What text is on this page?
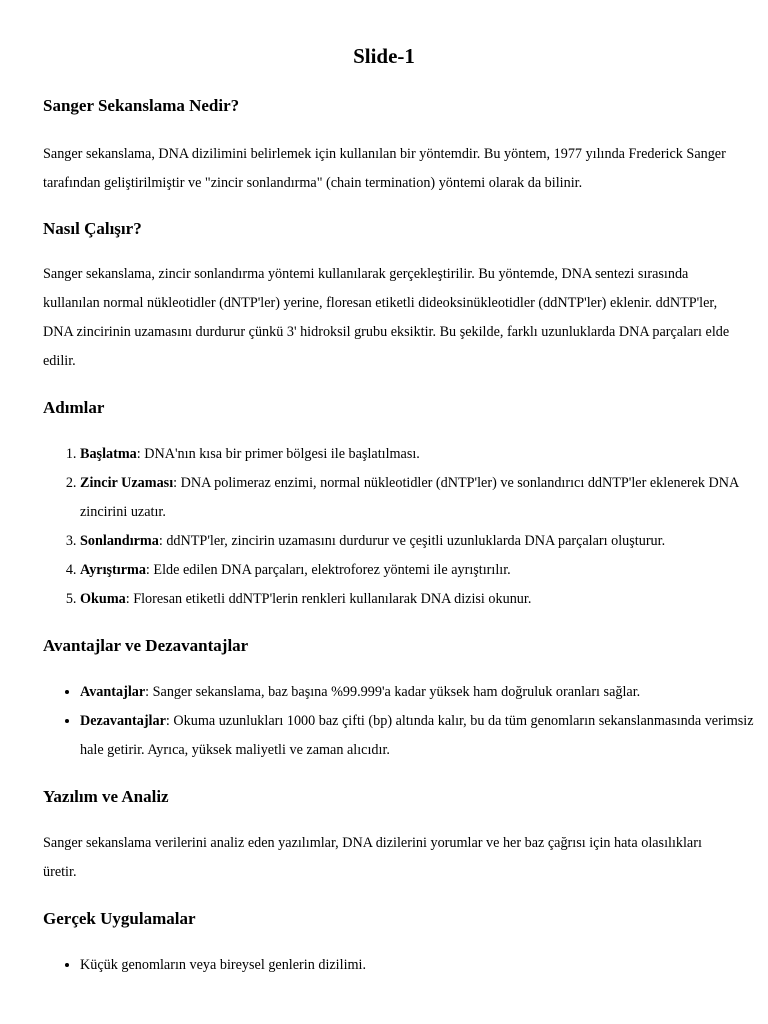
Slide-1
Sanger Sekanslama Nedir?

Sanger sekanslama, DNA dizilimini belirlemek için kullanılan bir yöntemdir. Bu yöntem, 1977 yılında Frederick Sanger tarafından geliştirilmiştir ve "zincir sonlandırma" (chain termination) yöntemi olarak da bilinir.

Nasıl Çalışır?

Sanger sekanslama, zincir sonlandırma yöntemi kullanılarak gerçekleştirilir. Bu yöntemde, DNA sentezi sırasında kullanılan normal nükleotidler (dNTP'ler) yerine, floresan etiketli dideoksinükleotidler (ddNTP'ler) eklenir. ddNTP'ler, DNA zincirinin uzamasını durdurur çünkü 3' hidroksil grubu eksiktir. Bu şekilde, farklı uzunluklarda DNA parçaları elde edilir.

Adımlar
1. Başlatma: DNA'nın kısa bir primer bölgesi ile başlatılması.
2. Zincir Uzaması: DNA polimeraz enzimi, normal nükleotidler (dNTP'ler) ve sonlandırıcı ddNTP'ler eklenerek DNA zincirini uzatır.
3. Sonlandırma: ddNTP'ler, zincirin uzamasını durdurur ve çeşitli uzunluklarda DNA parçaları oluşturur.
4. Ayrıştırma: Elde edilen DNA parçaları, elektroforez yöntemi ile ayrıştırılır.
5. Okuma: Floresan etiketli ddNTP'lerin renkleri kullanılarak DNA dizisi okunur.
Avantajlar ve Dezavantajlar
• Avantajlar: Sanger sekanslama, baz başına %99.999'a kadar yüksek ham doğruluk oranları sağlar.
• Dezavantajlar: Okuma uzunlukları 1000 baz çifti (bp) altında kalır, bu da tüm genomların sekanslanmasında verimsiz hale getirir. Ayrıca, yüksek maliyetli ve zaman alıcıdır.
Yazılım ve Analiz

Sanger sekanslama verilerini analiz eden yazılımlar, DNA dizilerini yorumlar ve her baz çağrısı için hata olasılıkları üretir.

Gerçek Uygulamalar
• Küçük genomların veya bireysel genlerin dizilimi.
